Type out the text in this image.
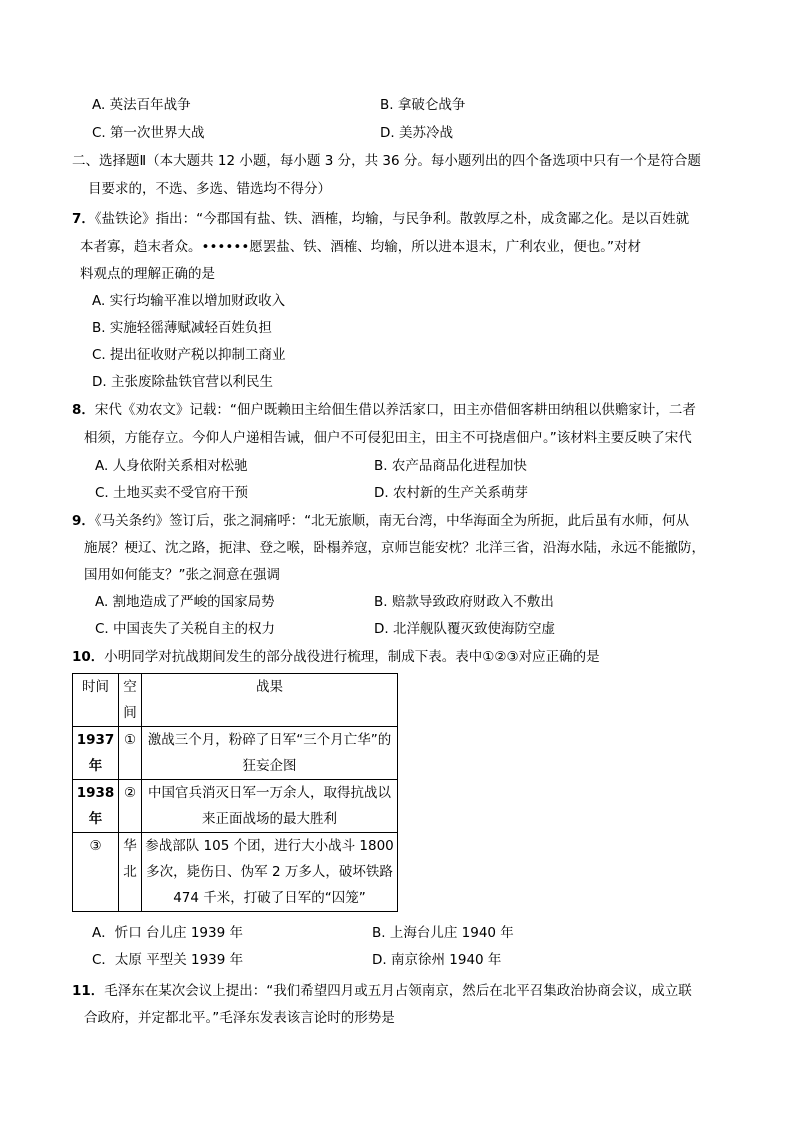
A. 英法百年战争	B. 拿破仑战争
C. 第一次世界大战	D. 美苏冷战
二、选择题Ⅱ（本大题共 12 小题，每小题 3 分，共 36 分。每小题列出的四个备选项中只有一个是符合题
目要求的，不选、多选、错选均不得分）
7．《盐铁论》指出：“今郡国有盐、铁、酒榷，均输，与民争利。散敦厚之朴，成贪鄙之化。是以百姓就
本者寡，趋末者众。••••••愿罢盐、铁、酒榷、均输，所以进本退末，广利农业，便也。”对材
料观点的理解正确的是
A. 实行均输平准以增加财政收入
B. 实施轻徭薄赋减轻百姓负担
C. 提出征收财产税以抑制工商业
D. 主张废除盐铁官营以利民生
8．宋代《劝农文》记载：“佃户既赖田主给佃生借以养活家口，田主亦借佃客耕田纳租以供赡家计，二者
相须，方能存立。今仰人户递相告诫，佃户不可侵犯田主，田主不可挠虐佃户。”该材料主要反映了宋代
A. 人身依附关系相对松驰	B. 农产品商品化进程加快
C. 土地买卖不受官府干预	D. 农村新的生产关系萌芽
9．《马关条约》签订后，张之洞痛呼：“北无旅顺，南无台湾，中华海面全为所扼，此后虽有水师，何从
施展？梗辽、沈之路，扼津、登之喉，卧榻养寇，京师岂能安枕？北洋三省，沿海水陆，永远不能撤防，
国用如何能支？”张之洞意在强调
A. 割地造成了严峻的国家局势	B. 赔款导致政府财政入不敷出
C. 中国丧失了关税自主的权力	D. 北洋舰队覆灭致使海防空虚
10．小明同学对抗战期间发生的部分战役进行梳理，制成下表。表中①②③对应正确的是
时间	空间	战果
1937年	①	激战三个月，粉碎了日军“三个月亡华”的狂妄企图

1938年	②	中国官兵消灭日军一万余人，取得抗战以来正面战场的最大胜利

③	华北	参战部队 105 个团，进行大小战斗 1800 多次，毙伤日、伪军 2 万多人，破坏铁路 474 千米，打破了日军的“囚笼”
A．忻口 台儿庄 1939 年	B. 上海台儿庄 1940 年
C．太原 平型关 1939 年	D. 南京徐州 1940 年
11．毛泽东在某次会议上提出：“我们希望四月或五月占领南京，然后在北平召集政治协商会议，成立联
合政府，并定都北平。”毛泽东发表该言论时的形势是
